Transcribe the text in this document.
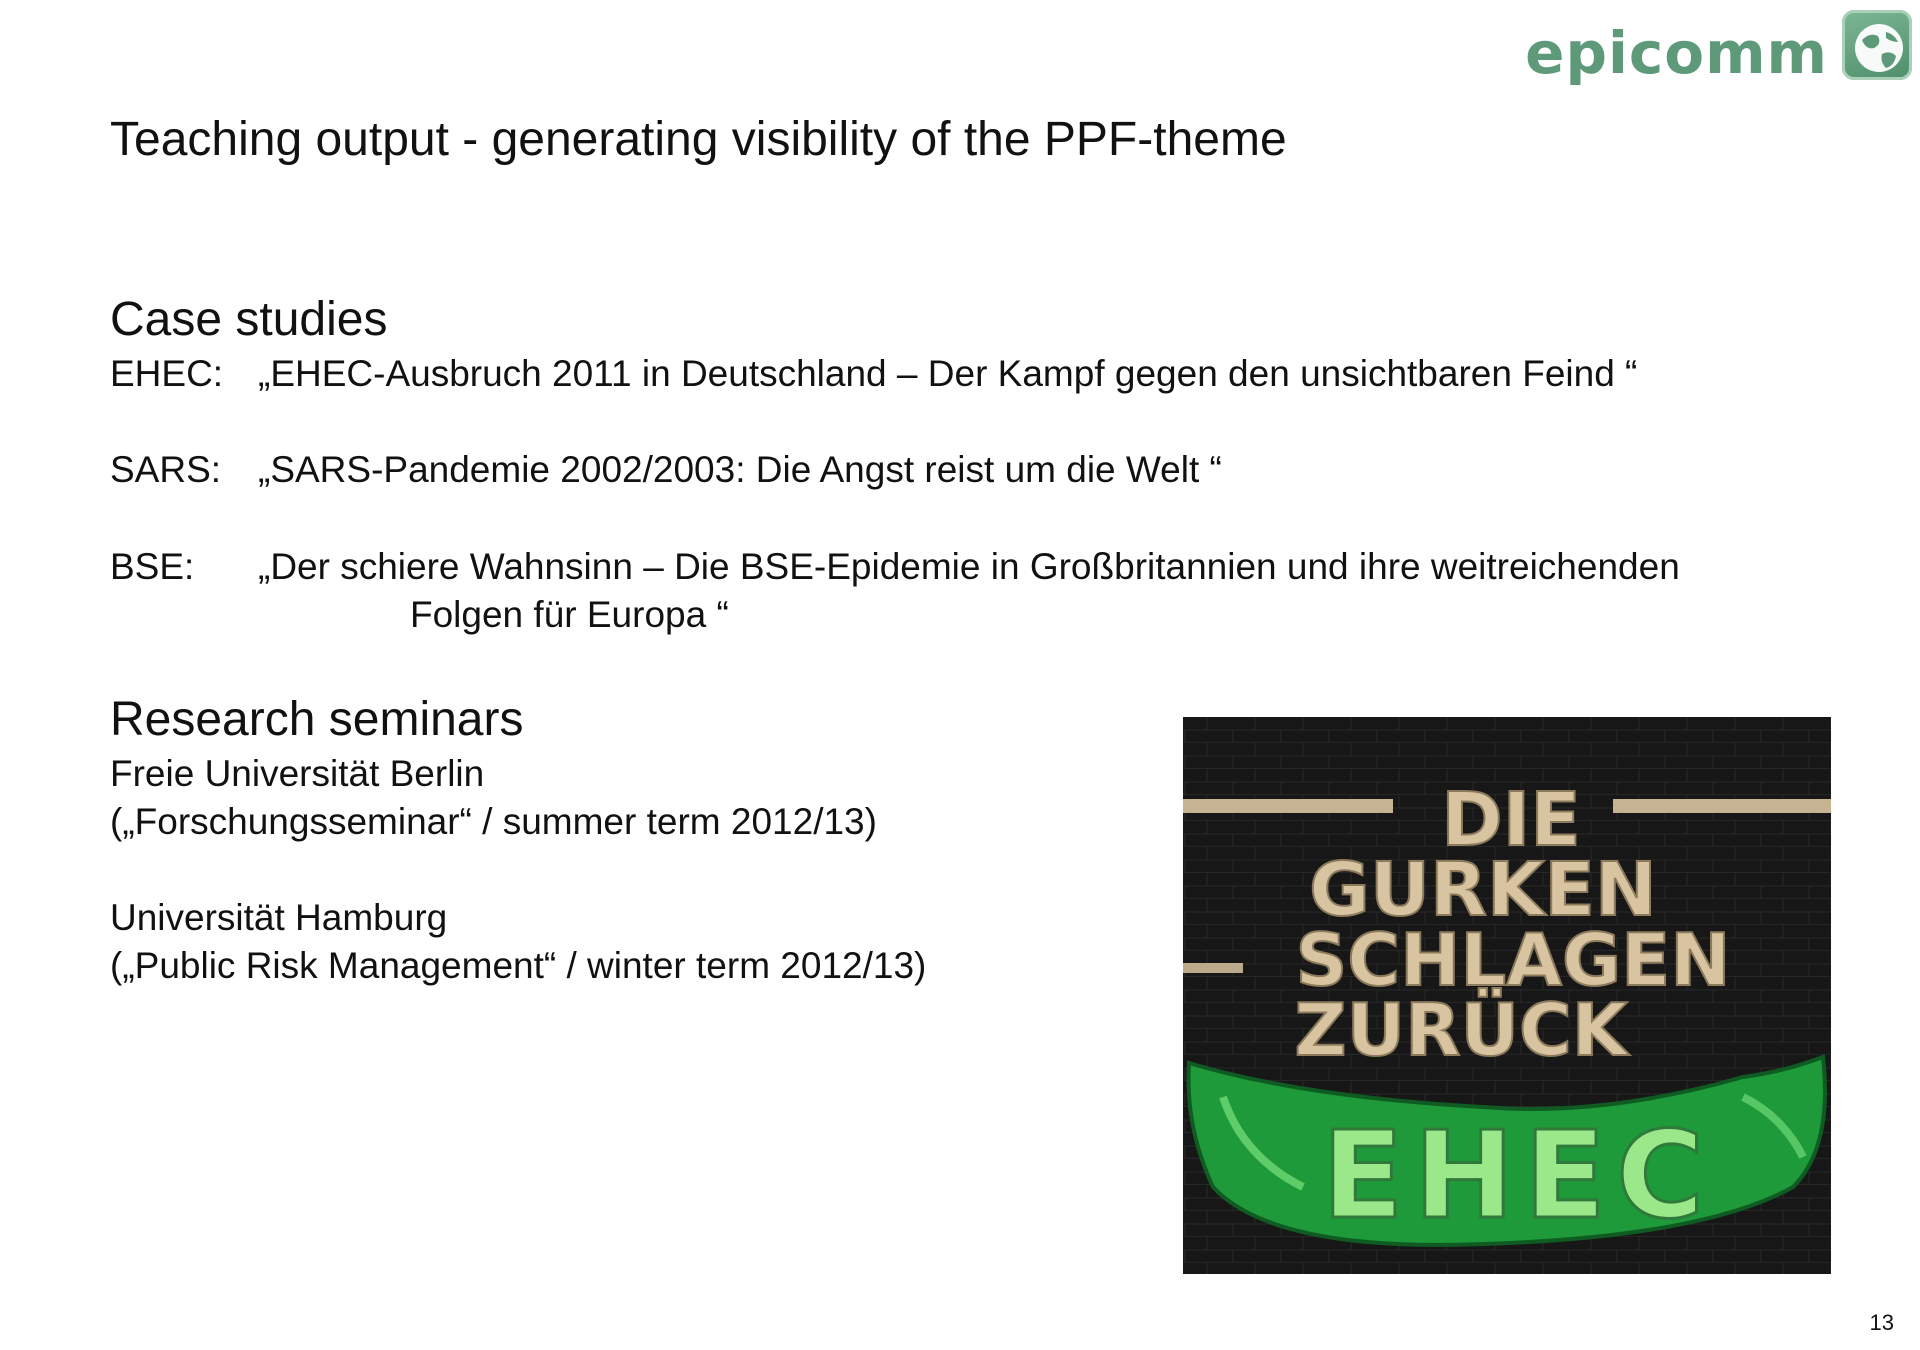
epicomm
Teaching output - generating visibility of the PPF-theme
Case studies
EHEC: „EHEC-Ausbruch 2011 in Deutschland – Der Kampf gegen den unsichtbaren Feind “
SARS: „SARS-Pandemie 2002/2003: Die Angst reist um die Welt “
BSE: „Der schiere Wahnsinn – Die BSE-Epidemie in Großbritannien und ihre weitreichenden
Folgen für Europa “
Research seminars
Freie Universität Berlin
(„Forschungsseminar“ / summer term 2012/13)
Universität Hamburg
(„Public Risk Management“ / winter term 2012/13)
DIE
GURKEN
SCHLAGEN
ZURÜCK
EHEC
13
